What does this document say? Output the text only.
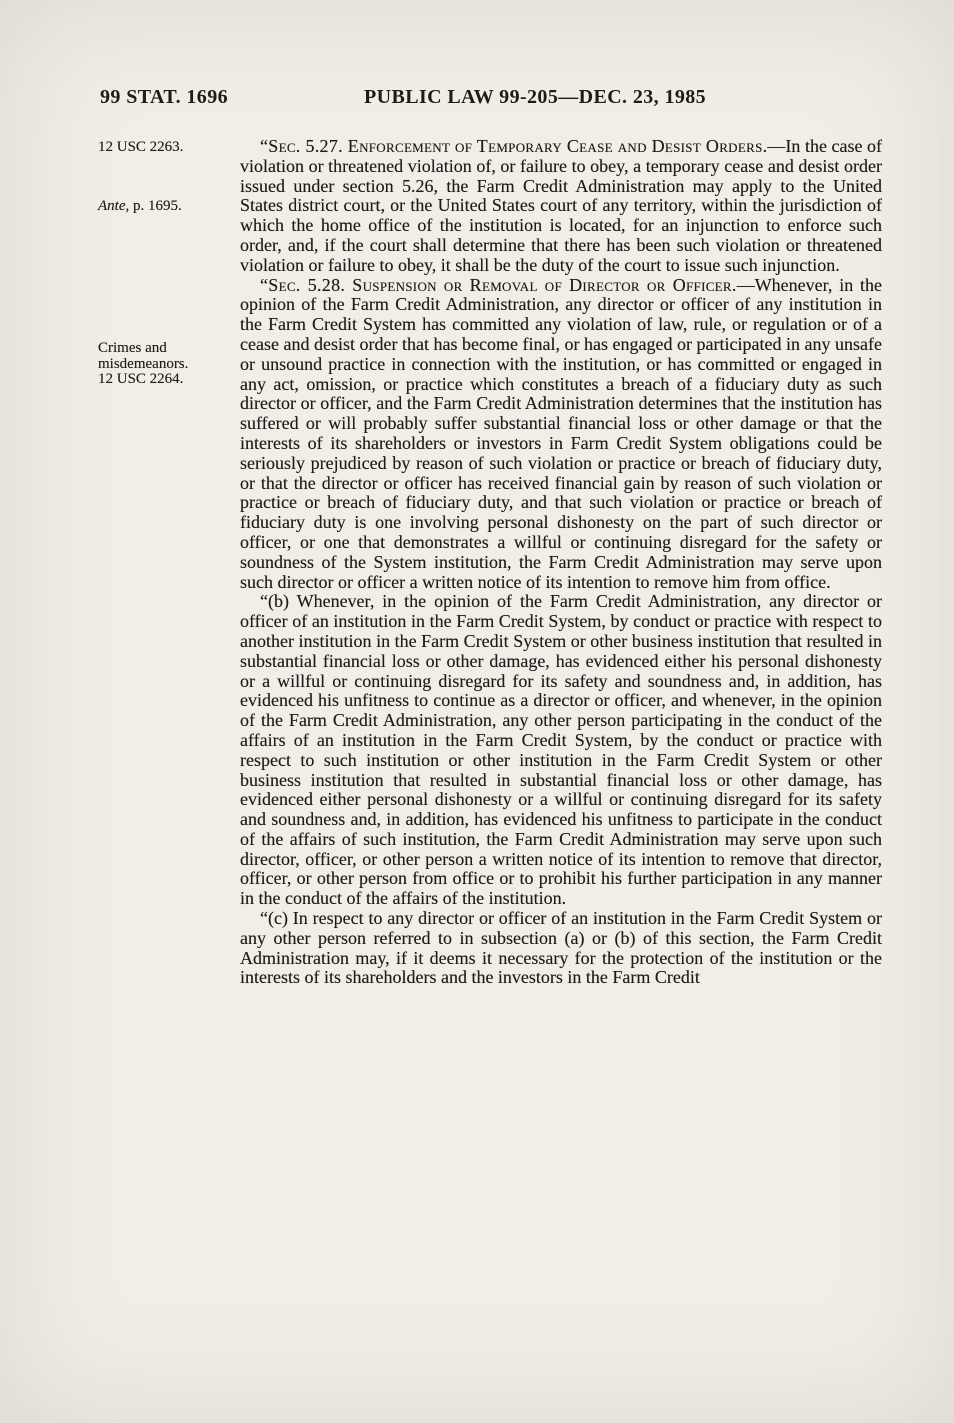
99 STAT. 1696	PUBLIC LAW 99-205—DEC. 23, 1985
12 USC 2263.
Ante, p. 1695.
Crimes and misdemeanors.
12 USC 2264.

“Sec. 5.27. Enforcement of Temporary Cease and Desist Orders.—In the case of violation or threatened violation of, or failure to obey, a temporary cease and desist order issued under section 5.26, the Farm Credit Administration may apply to the United States district court, or the United States court of any territory, within the jurisdiction of which the home office of the institution is located, for an injunction to enforce such order, and, if the court shall determine that there has been such violation or threatened violation or failure to obey, it shall be the duty of the court to issue such injunction.

“Sec. 5.28. Suspension or Removal of Director or Officer.—Whenever, in the opinion of the Farm Credit Administration, any director or officer of any institution in the Farm Credit System has committed any violation of law, rule, or regulation or of a cease and desist order that has become final, or has engaged or participated in any unsafe or unsound practice in connection with the institution, or has committed or engaged in any act, omission, or practice which constitutes a breach of a fiduciary duty as such director or officer, and the Farm Credit Administration determines that the institution has suffered or will probably suffer substantial financial loss or other damage or that the interests of its shareholders or investors in Farm Credit System obligations could be seriously prejudiced by reason of such violation or practice or breach of fiduciary duty, or that the director or officer has received financial gain by reason of such violation or practice or breach of fiduciary duty, and that such violation or practice or breach of fiduciary duty is one involving personal dishonesty on the part of such director or officer, or one that demonstrates a willful or continuing disregard for the safety or soundness of the System institution, the Farm Credit Administration may serve upon such director or officer a written notice of its intention to remove him from office.

“(b) Whenever, in the opinion of the Farm Credit Administration, any director or officer of an institution in the Farm Credit System, by conduct or practice with respect to another institution in the Farm Credit System or other business institution that resulted in substantial financial loss or other damage, has evidenced either his personal dishonesty or a willful or continuing disregard for its safety and soundness and, in addition, has evidenced his unfitness to continue as a director or officer, and whenever, in the opinion of the Farm Credit Administration, any other person participating in the conduct of the affairs of an institution in the Farm Credit System, by the conduct or practice with respect to such institution or other institution in the Farm Credit System or other business institution that resulted in substantial financial loss or other damage, has evidenced either personal dishonesty or a willful or continuing disregard for its safety and soundness and, in addition, has evidenced his unfitness to participate in the conduct of the affairs of such institution, the Farm Credit Administration may serve upon such director, officer, or other person a written notice of its intention to remove that director, officer, or other person from office or to prohibit his further participation in any manner in the conduct of the affairs of the institution.

“(c) In respect to any director or officer of an institution in the Farm Credit System or any other person referred to in subsection (a) or (b) of this section, the Farm Credit Administration may, if it deems it necessary for the protection of the institution or the interests of its shareholders and the investors in the Farm Credit
